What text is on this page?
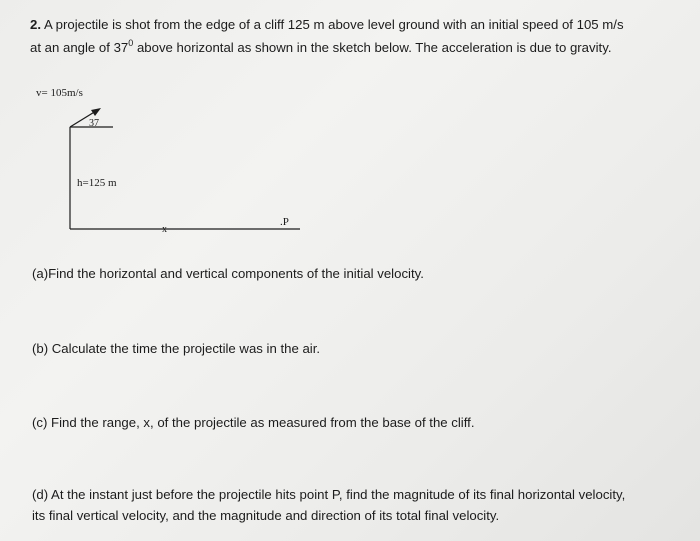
2. A projectile is shot from the edge of a cliff 125 m above level ground with an initial speed of 105 m/s
at an angle of $37^0$ above horizontal as shown in the sketch below. The acceleration is due to gravity.
v= 105m/s
37
h=125 m
x
.P
(a)Find the horizontal and vertical components of the initial velocity.
(b) Calculate the time the projectile was in the air.
(c) Find the range, x, of the projectile as measured from the base of the cliff.
(d) At the instant just before the projectile hits point P, find the magnitude of its final horizontal velocity,
its final vertical velocity, and the magnitude and direction of its total final velocity.
